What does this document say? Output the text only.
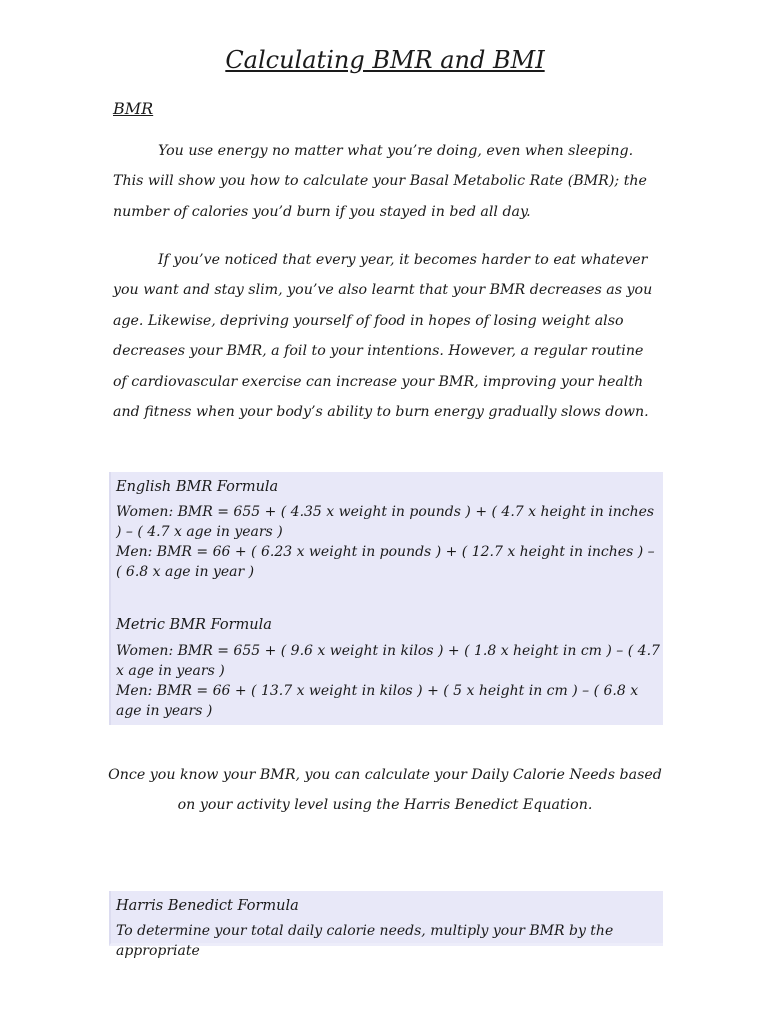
Calculating BMR and BMI
BMR

You use energy no matter what you’re doing, even when sleeping. This will show you how to calculate your Basal Metabolic Rate (BMR); the number of calories you’d burn if you stayed in bed all day.

If you’ve noticed that every year, it becomes harder to eat whatever you want and stay slim, you’ve also learnt that your BMR decreases as you age. Likewise, depriving yourself of food in hopes of losing weight also decreases your BMR, a foil to your intentions. However, a regular routine of cardiovascular exercise can increase your BMR, improving your health and fitness when your body’s ability to burn energy gradually slows down.

English BMR Formula
Women: BMR = 655 + ( 4.35 x weight in pounds ) + ( 4.7 x height in inches ) – ( 4.7 x age in years )
Men: BMR = 66 + ( 6.23 x weight in pounds ) + ( 12.7 x height in inches ) – ( 6.8 x age in year )
Metric BMR Formula
Women: BMR = 655 + ( 9.6 x weight in kilos ) + ( 1.8 x height in cm ) – ( 4.7 x age in years )
Men: BMR = 66 + ( 13.7 x weight in kilos ) + ( 5 x height in cm ) – ( 6.8 x age in years )
Once you know your BMR, you can calculate your Daily Calorie Needs based on your activity level using the Harris Benedict Equation.
Harris Benedict Formula
To determine your total daily calorie needs, multiply your BMR by the appropriate
